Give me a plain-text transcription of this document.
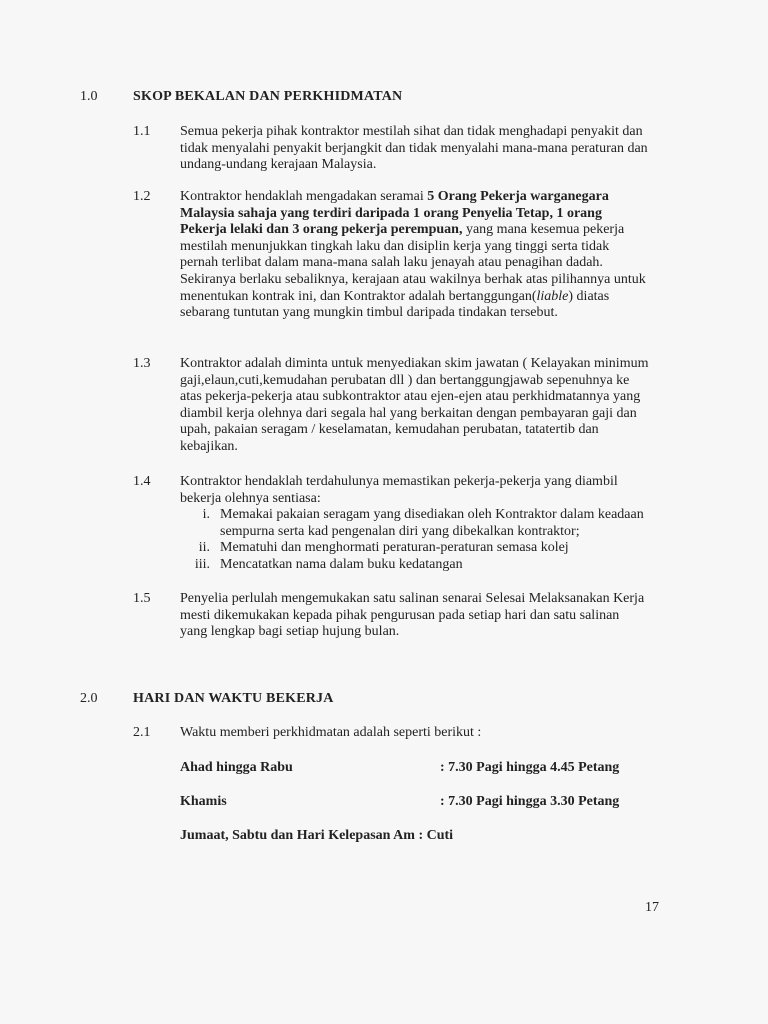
1.0	SKOP BEKALAN DAN PERKHIDMATAN
1.1 Semua pekerja pihak kontraktor mestilah sihat dan tidak menghadapi penyakit dan tidak menyalahi penyakit berjangkit dan tidak menyalahi mana-mana peraturan dan undang-undang kerajaan Malaysia.
1.2 Kontraktor hendaklah mengadakan seramai 5 Orang Pekerja warganegara Malaysia sahaja yang terdiri daripada 1 orang Penyelia Tetap, 1 orang Pekerja lelaki dan 3 orang pekerja perempuan, yang mana kesemua pekerja mestilah menunjukkan tingkah laku dan disiplin kerja yang tinggi serta tidak pernah terlibat dalam mana-mana salah laku jenayah atau penagihan dadah. Sekiranya berlaku sebaliknya, kerajaan atau wakilnya berhak atas pilihannya untuk menentukan kontrak ini, dan Kontraktor adalah bertanggungan(liable) diatas sebarang tuntutan yang mungkin timbul daripada tindakan tersebut.
1.3 Kontraktor adalah diminta untuk menyediakan skim jawatan ( Kelayakan minimum gaji,elaun,cuti,kemudahan perubatan dll ) dan bertanggungjawab sepenuhnya ke atas pekerja-pekerja atau subkontraktor atau ejen-ejen atau perkhidmatannya yang diambil kerja olehnya dari segala hal yang berkaitan dengan pembayaran gaji dan upah, pakaian seragam / keselamatan, kemudahan perubatan, tatatertib dan kebajikan.
1.4 Kontraktor hendaklah terdahulunya memastikan pekerja-pekerja yang diambil bekerja olehnya sentiasa:
i. Memakai pakaian seragam yang disediakan oleh Kontraktor dalam keadaan sempurna serta kad pengenalan diri yang dibekalkan kontraktor;
ii. Mematuhi dan menghormati peraturan-peraturan semasa kolej
iii. Mencatatkan nama dalam buku kedatangan
1.5 Penyelia perlulah mengemukakan satu salinan senarai Selesai Melaksanakan Kerja mesti dikemukakan kepada pihak pengurusan pada setiap hari dan satu salinan yang lengkap bagi setiap hujung bulan.
2.0	HARI DAN WAKTU BEKERJA
2.1 Waktu memberi perkhidmatan adalah seperti berikut :
Ahad hingga Rabu	: 7.30 Pagi hingga 4.45 Petang
Khamis	: 7.30 Pagi hingga 3.30 Petang
Jumaat, Sabtu dan Hari Kelepasan Am : Cuti
17
